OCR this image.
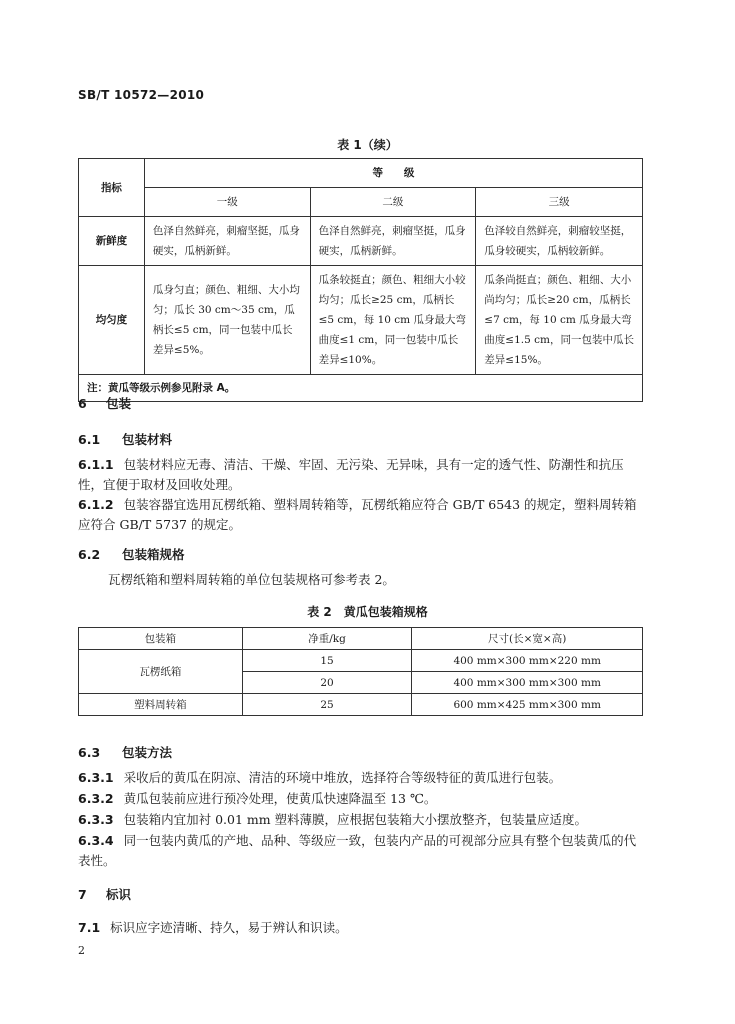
SB/T 10572—2010
表 1（续）
指标	等　　级		
	一级	二级	三级
新鲜度	色泽自然鲜亮，刺瘤坚挺，瓜身硬实，瓜柄新鲜。	色泽自然鲜亮，刺瘤坚挺，瓜身硬实，瓜柄新鲜。	色泽较自然鲜亮，刺瘤较坚挺，瓜身较硬实，瓜柄较新鲜。
均匀度	瓜身匀直；颜色、粗细、大小均匀；瓜长 30 cm～35 cm，瓜柄长≤5 cm，同一包装中瓜长差异≤5%。	瓜条较挺直；颜色、粗细大小较均匀；瓜长≥25 cm，瓜柄长≤5 cm，每 10 cm 瓜身最大弯曲度≤1 cm，同一包装中瓜长差异≤10%。	瓜条尚挺直；颜色、粗细、大小尚均匀；瓜长≥20 cm，瓜柄长≤7 cm，每 10 cm 瓜身最大弯曲度≤1.5 cm，同一包装中瓜长差异≤15%。
注：黄瓜等级示例参见附录 A。			
6 包装
6.1 包装材料
6.1.1 包装材料应无毒、清洁、干燥、牢固、无污染、无异味，具有一定的透气性、防潮性和抗压性，宜便于取材及回收处理。
6.1.2 包装容器宜选用瓦楞纸箱、塑料周转箱等，瓦楞纸箱应符合 GB/T 6543 的规定，塑料周转箱应符合 GB/T 5737 的规定。
6.2 包装箱规格
瓦楞纸箱和塑料周转箱的单位包装规格可参考表 2。
表 2　黄瓜包装箱规格
包装箱	净重/kg	尺寸(长×宽×高)
瓦楞纸箱	15	400 mm×300 mm×220 mm
	20	400 mm×300 mm×300 mm
塑料周转箱	25	600 mm×425 mm×300 mm
6.3 包装方法
6.3.1 采收后的黄瓜在阴凉、清洁的环境中堆放，选择符合等级特征的黄瓜进行包装。
6.3.2 黄瓜包装前应进行预冷处理，使黄瓜快速降温至 13 ℃。
6.3.3 包装箱内宜加衬 0.01 mm 塑料薄膜，应根据包装箱大小摆放整齐，包装量应适度。
6.3.4 同一包装内黄瓜的产地、品种、等级应一致，包装内产品的可视部分应具有整个包装黄瓜的代表性。
7 标识
7.1 标识应字迹清晰、持久，易于辨认和识读。
2
